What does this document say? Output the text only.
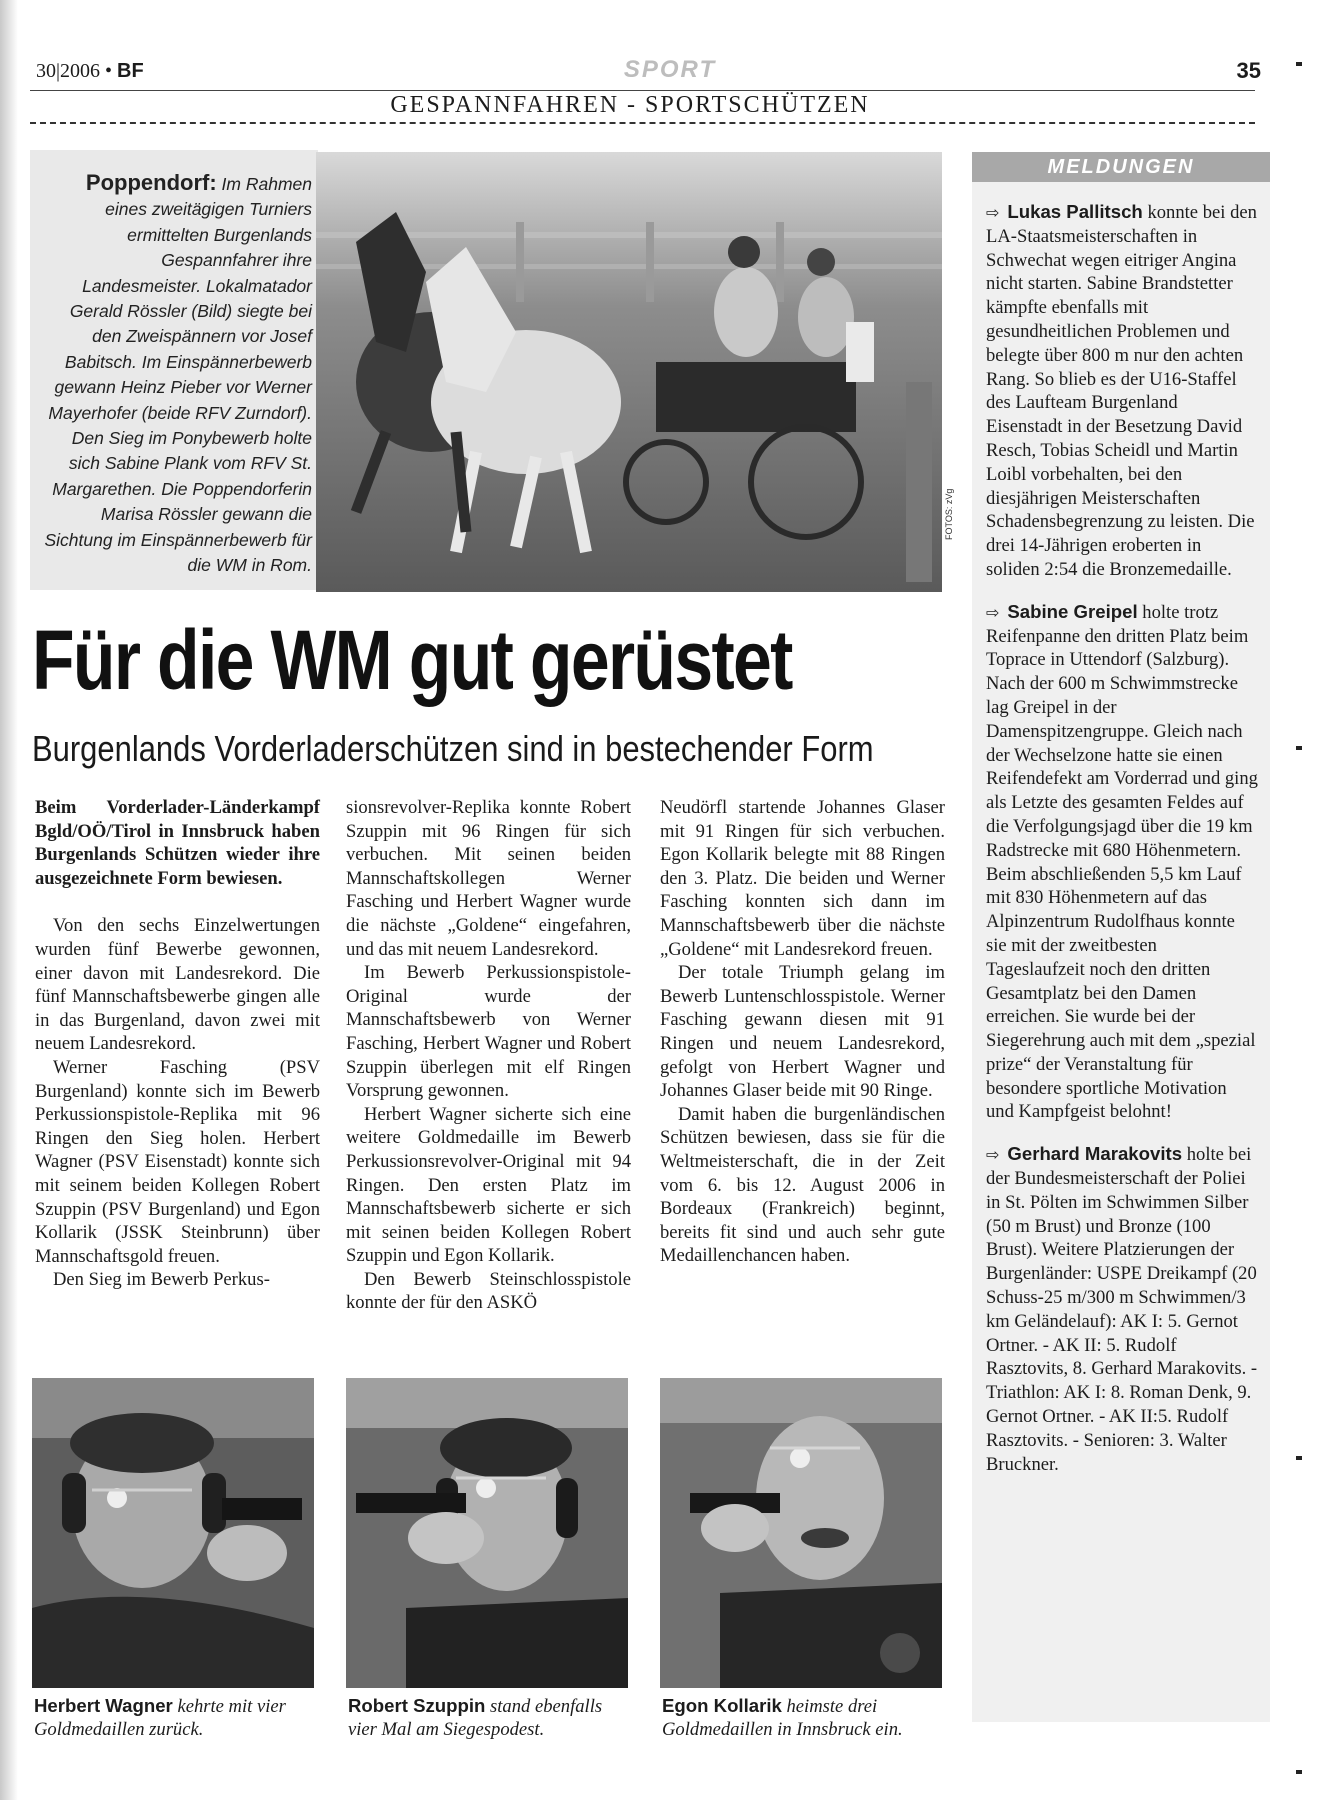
30|2006 • BF	SPORT	35
GESPANNFAHREN - SPORTSCHÜTZEN
Poppendorf: Im Rahmen eines zweitägigen Turniers ermittelten Burgenlands Gespannfahrer ihre Landesmeister. Lokalmatador Gerald Rössler (Bild) siegte bei den Zweispännern vor Josef Babitsch. Im Einspännerbewerb gewann Heinz Pieber vor Werner Mayerhofer (beide RFV Zurndorf). Den Sieg im Ponybewerb holte sich Sabine Plank vom RFV St. Margarethen. Die Poppendorferin Marisa Rössler gewann die Sichtung im Einspännerbewerb für die WM in Rom.
FOTOS: zVg
Für die WM gut gerüstet
Burgenlands Vorderladerschützen sind in bestechender Form

Beim Vorderlader-Länderkampf Bgld/OÖ/Tirol in Innsbruck haben Burgenlands Schützen wieder ihre ausgezeichnete Form bewiesen.

Von den sechs Einzelwertungen wurden fünf Bewerbe gewonnen, einer davon mit Landesrekord. Die fünf Mannschaftsbewerbe gingen alle in das Burgenland, davon zwei mit neuem Landesrekord.

Werner Fasching (PSV Burgenland) konnte sich im Bewerb Perkussionspistole-Replika mit 96 Ringen den Sieg holen. Herbert Wagner (PSV Eisenstadt) konnte sich mit seinem beiden Kollegen Robert Szuppin (PSV Burgenland) und Egon Kollarik (JSSK Steinbrunn) über Mannschaftsgold freuen.

Den Sieg im Bewerb Perkus-

sionsrevolver-Replika konnte Robert Szuppin mit 96 Ringen für sich verbuchen. Mit seinen beiden Mannschaftskollegen Werner Fasching und Herbert Wagner wurde die nächste „Goldene“ eingefahren, und das mit neuem Landesrekord.

Im Bewerb Perkussionspistole-Original wurde der Mannschaftsbewerb von Werner Fasching, Herbert Wagner und Robert Szuppin überlegen mit elf Ringen Vorsprung gewonnen.

Herbert Wagner sicherte sich eine weitere Goldmedaille im Bewerb Perkussionsrevolver-Original mit 94 Ringen. Den ersten Platz im Mannschaftsbewerb sicherte er sich mit seinen beiden Kollegen Robert Szuppin und Egon Kollarik.

Den Bewerb Steinschlosspistole konnte der für den ASKÖ

Neudörfl startende Johannes Glaser mit 91 Ringen für sich verbuchen. Egon Kollarik belegte mit 88 Ringen den 3. Platz. Die beiden und Werner Fasching konnten sich dann im Mannschaftsbewerb über die nächste „Goldene“ mit Landesrekord freuen.

Der totale Triumph gelang im Bewerb Luntenschlosspistole. Werner Fasching gewann diesen mit 91 Ringen und neuem Landesrekord, gefolgt von Herbert Wagner und Johannes Glaser beide mit 90 Ringe.

Damit haben die burgenländischen Schützen bewiesen, dass sie für die Weltmeisterschaft, die in der Zeit vom 6. bis 12. August 2006 in Bordeaux (Frankreich) beginnt, bereits fit sind und auch sehr gute Medaillenchancen haben.

Herbert Wagner kehrte mit vier Goldmedaillen zurück.
Robert Szuppin stand ebenfalls vier Mal am Siegespodest.
Egon Kollarik heimste drei Goldmedaillen in Innsbruck ein.
MELDUNGEN

⇨ Lukas Pallitsch konnte bei den LA-Staatsmeisterschaften in Schwechat wegen eitriger Angina nicht starten. Sabine Brandstetter kämpfte ebenfalls mit gesundheitlichen Problemen und belegte über 800 m nur den achten Rang. So blieb es der U16-Staffel des Laufteam Burgenland Eisenstadt in der Besetzung David Resch, Tobias Scheidl und Martin Loibl vorbehalten, bei den diesjährigen Meisterschaften Schadensbegrenzung zu leisten. Die drei 14-Jährigen eroberten in soliden 2:54 die Bronzemedaille.

⇨ Sabine Greipel holte trotz Reifenpanne den dritten Platz beim Toprace in Uttendorf (Salzburg). Nach der 600 m Schwimmstrecke lag Greipel in der Damenspitzengruppe. Gleich nach der Wechselzone hatte sie einen Reifendefekt am Vorderrad und ging als Letzte des gesamten Feldes auf die Verfolgungsjagd über die 19 km Radstrecke mit 680 Höhenmetern. Beim abschließenden 5,5 km Lauf mit 830 Höhenmetern auf das Alpinzentrum Rudolfhaus konnte sie mit der zweitbesten Tageslaufzeit noch den dritten Gesamtplatz bei den Damen erreichen. Sie wurde bei der Siegerehrung auch mit dem „spezial prize“ der Veranstaltung für besondere sportliche Motivation und Kampfgeist belohnt!

⇨ Gerhard Marakovits holte bei der Bundesmeisterschaft der Poliei in St. Pölten im Schwimmen Silber (50 m Brust) und Bronze (100 Brust). Weitere Platzierungen der Burgenländer: USPE Dreikampf (20 Schuss-25 m/300 m Schwimmen/3 km Geländelauf): AK I: 5. Gernot Ortner. - AK II: 5. Rudolf Rasztovits, 8. Gerhard Marakovits. - Triathlon: AK I: 8. Roman Denk, 9. Gernot Ortner. - AK II:5. Rudolf Rasztovits. - Senioren: 3. Walter Bruckner.
